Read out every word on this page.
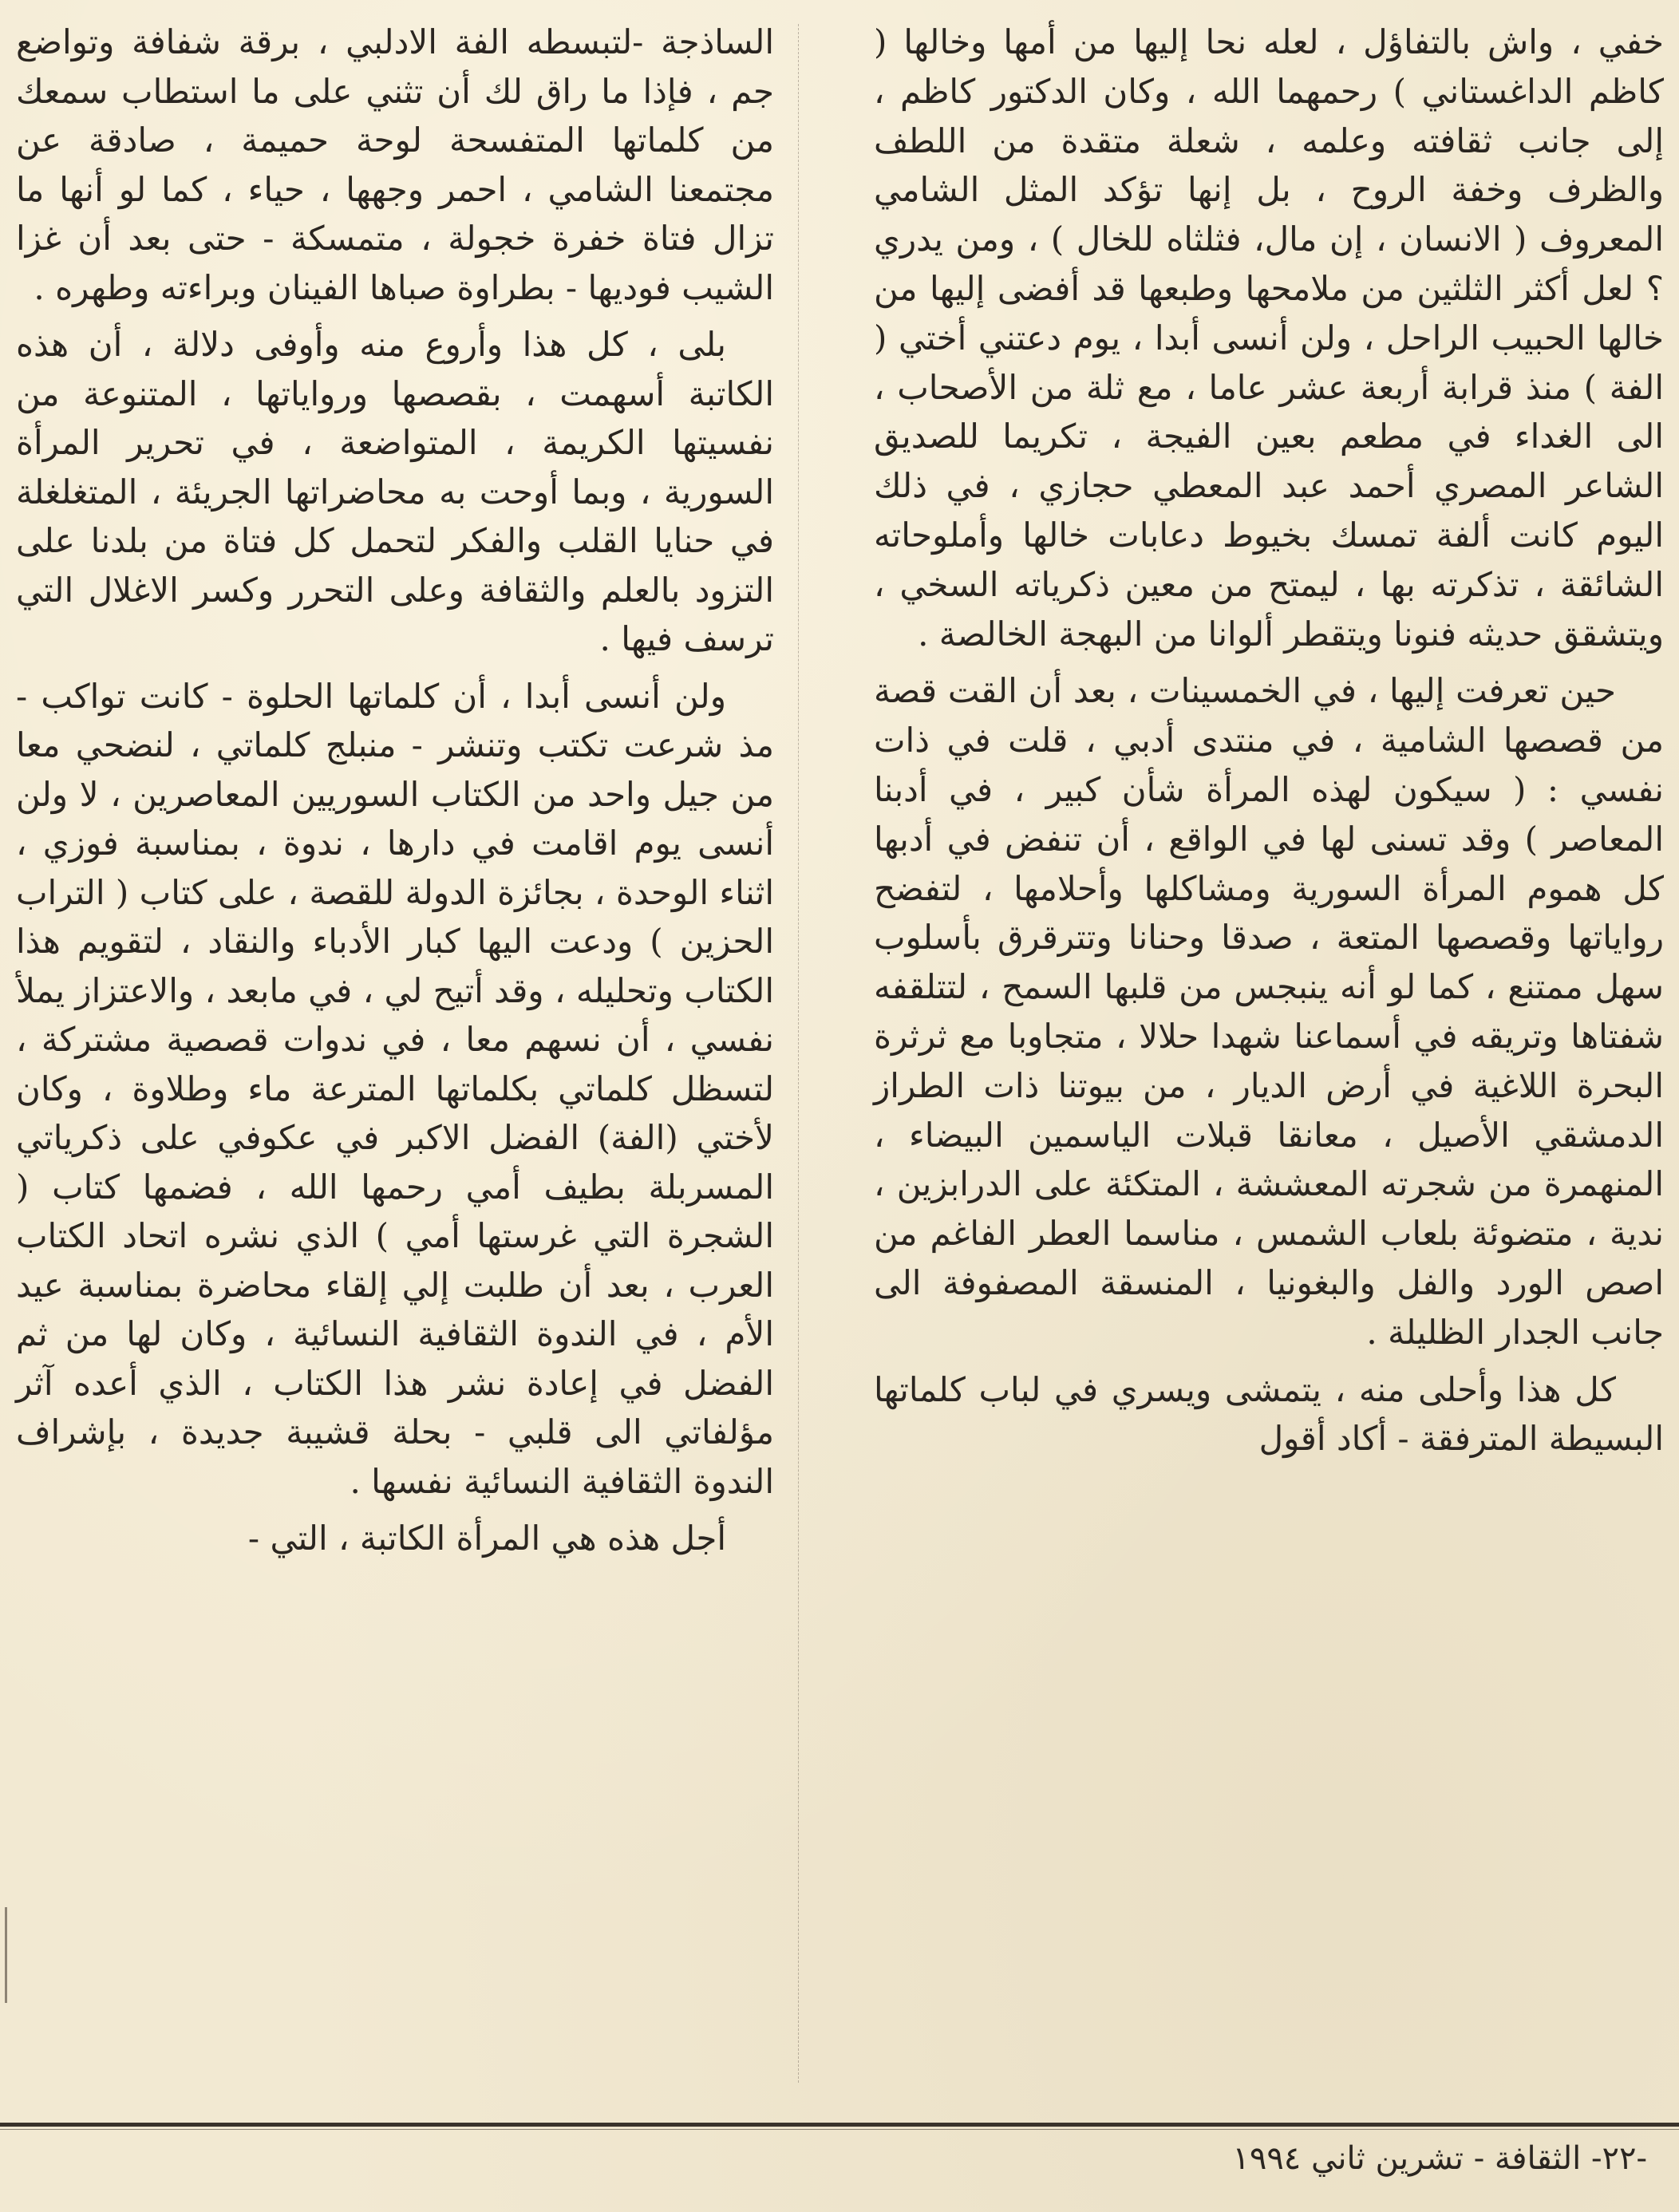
خفي ، واش بالتفاؤل ، لعله نحا إليها من أمها وخالها ( كاظم الداغستاني ) رحمهما الله ، وكان الدكتور كاظم ، إلى جانب ثقافته وعلمه ، شعلة متقدة من اللطف والظرف وخفة الروح ، بل إنها تؤكد المثل الشامي المعروف ( الانسان ، إن مال، فثلثاه للخال ) ، ومن يدري ؟ لعل أكثر الثلثين من ملامحها وطبعها قد أفضى إليها من خالها الحبيب الراحل ، ولن أنسى أبدا ، يوم دعتني أختي ( الفة ) منذ قرابة أربعة عشر عاما ، مع ثلة من الأصحاب ، الى الغداء في مطعم بعين الفيجة ، تكريما للصديق الشاعر المصري أحمد عبد المعطي حجازي ، في ذلك اليوم كانت ألفة تمسك بخيوط دعابات خالها وأملوحاته الشائقة ، تذكرته بها ، ليمتح من معين ذكرياته السخي ، ويتشقق حديثه فنونا ويتقطر ألوانا من البهجة الخالصة .

حين تعرفت إليها ، في الخمسينات ، بعد أن القت قصة من قصصها الشامية ، في منتدى أدبي ، قلت في ذات نفسي : ( سيكون لهذه المرأة شأن كبير ، في أدبنا المعاصر ) وقد تسنى لها في الواقع ، أن تنفض في أدبها كل هموم المرأة السورية ومشاكلها وأحلامها ، لتفضح رواياتها وقصصها المتعة ، صدقا وحنانا وتترقرق بأسلوب سهل ممتنع ، كما لو أنه ينبجس من قلبها السمح ، لتتلقفه شفتاها وتريقه في أسماعنا شهدا حلالا ، متجاوبا مع ثرثرة البحرة اللاغية في أرض الديار ، من بيوتنا ذات الطراز الدمشقي الأصيل ، معانقا قبلات الياسمين البيضاء ، المنهمرة من شجرته المعششة ، المتكئة على الدرابزين ، ندية ، متضوئة بلعاب الشمس ، مناسما العطر الفاغم من اصص الورد والفل والبغونيا ، المنسقة المصفوفة الى جانب الجدار الظليلة .

كل هذا وأحلى منه ، يتمشى ويسري في لباب كلماتها البسيطة المترفقة - أكاد أقول

الساذجة -لتبسطه الفة الادلبي ، برقة شفافة وتواضع جم ، فإذا ما راق لك أن تثني على ما استطاب سمعك من كلماتها المتفسحة لوحة حميمة ، صادقة عن مجتمعنا الشامي ، احمر وجهها ، حياء ، كما لو أنها ما تزال فتاة خفرة خجولة ، متمسكة - حتى بعد أن غزا الشيب فوديها - بطراوة صباها الفينان وبراءته وطهره .

بلى ، كل هذا وأروع منه وأوفى دلالة ، أن هذه الكاتبة أسهمت ، بقصصها ورواياتها ، المتنوعة من نفسيتها الكريمة ، المتواضعة ، في تحرير المرأة السورية ، وبما أوحت به محاضراتها الجريئة ، المتغلغلة في حنايا القلب والفكر لتحمل كل فتاة من بلدنا على التزود بالعلم والثقافة وعلى التحرر وكسر الاغلال التي ترسف فيها .

ولن أنسى أبدا ، أن كلماتها الحلوة - كانت تواكب - مذ شرعت تكتب وتنشر - منبلج كلماتي ، لنضحي معا من جيل واحد من الكتاب السوريين المعاصرين ، لا ولن أنسى يوم اقامت في دارها ، ندوة ، بمناسبة فوزي ، اثناء الوحدة ، بجائزة الدولة للقصة ، على كتاب ( التراب الحزين ) ودعت اليها كبار الأدباء والنقاد ، لتقويم هذا الكتاب وتحليله ، وقد أتيح لي ، في مابعد ، والاعتزاز يملأ نفسي ، أن نسهم معا ، في ندوات قصصية مشتركة ، لتسظل كلماتي بكلماتها المترعة ماء وطلاوة ، وكان لأختي (الفة) الفضل الاكبر في عكوفي على ذكرياتي المسربلة بطيف أمي رحمها الله ، فضمها كتاب ( الشجرة التي غرستها أمي ) الذي نشره اتحاد الكتاب العرب ، بعد أن طلبت إلي إلقاء محاضرة بمناسبة عيد الأم ، في الندوة الثقافية النسائية ، وكان لها من ثم الفضل في إعادة نشر هذا الكتاب ، الذي أعده آثر مؤلفاتي الى قلبي - بحلة قشيبة جديدة ، بإشراف الندوة الثقافية النسائية نفسها .

أجل هذه هي المرأة الكاتبة ، التي -

-٢٢- الثقافة - تشرين ثاني ١٩٩٤
